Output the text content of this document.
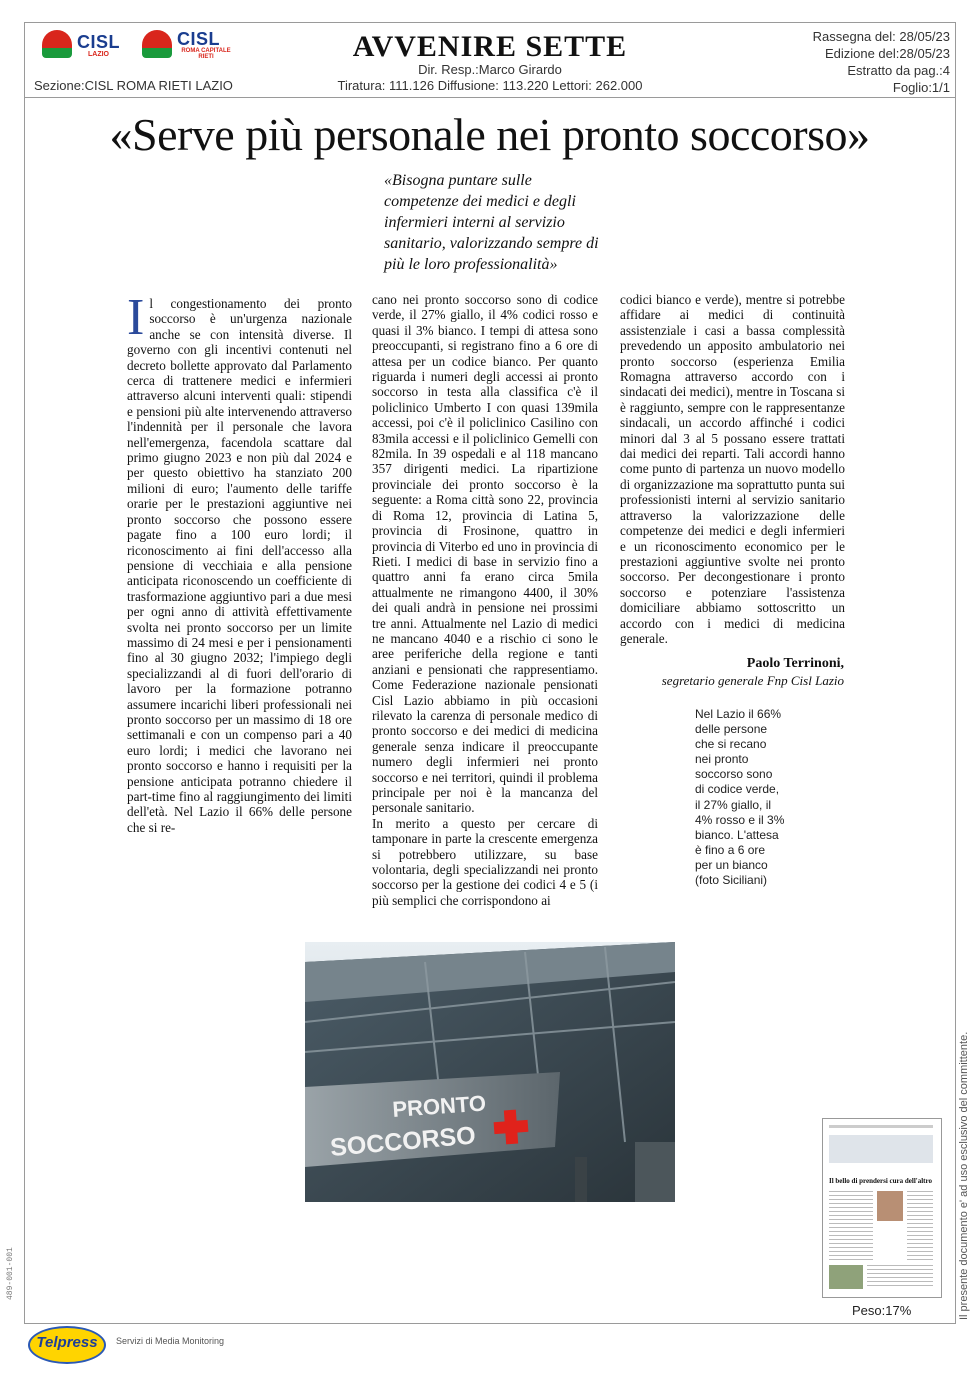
CISL
LAZIO
CISL
ROMA CAPITALE RIETI	AVVENIRE SETTE
Dir. Resp.:Marco Girardo
Sezione:CISL ROMA RIETI LAZIO	Tiratura: 111.126 Diffusione: 113.220 Lettori: 262.000
Rassegna del: 28/05/23
Edizione del:28/05/23
Estratto da pag.:4
Foglio:1/1
«Serve più personale nei pronto soccorso»
«Bisogna puntare sulle competenze dei medici e degli infermieri interni al servizio sanitario, valorizzando sempre di più le loro professionalità»
I l congestionamento dei pronto soccorso è un'urgenza nazionale anche se con intensità diverse. Il governo con gli incentivi contenuti nel decreto bollette approvato dal Parlamento cerca di trattenere medici e infermieri attraverso alcuni interventi quali: stipendi e pensioni più alte intervenendo attraverso l'indennità per il personale che lavora nell'emergenza, facendola scattare dal primo giugno 2023 e non più dal 2024 e per questo obiettivo ha stanziato 200 milioni di euro; l'aumento delle tariffe orarie per le prestazioni aggiuntive nei pronto soccorso che possono essere pagate fino a 100 euro lordi; il riconoscimento ai fini dell'accesso alla pensione di vecchiaia e alla pensione anticipata riconoscendo un coefficiente di trasformazione aggiuntivo pari a due mesi per ogni anno di attività effettivamente svolta nei pronto soccorso per un limite massimo di 24 mesi e per i pensionamenti fino al 30 giugno 2032; l'impiego degli specializzandi al di fuori dell'orario di lavoro per la formazione potranno assumere incarichi liberi professionali nei pronto soccorso per un massimo di 18 ore settimanali e con un compenso pari a 40 euro lordi; i medici che lavorano nei pronto soccorso e hanno i requisiti per la pensione anticipata potranno chiedere il part-time fino al raggiungimento dei limiti dell'età. Nel Lazio il 66% delle persone che si re-

cano nei pronto soccorso sono di codice verde, il 27% giallo, il 4% codici rosso e quasi il 3% bianco. I tempi di attesa sono preoccupanti, si registrano fino a 6 ore di attesa per un codice bianco. Per quanto riguarda i numeri degli accessi ai pronto soccorso in testa alla classifica c'è il policlinico Umberto I con quasi 139mila accessi, poi c'è il policlinico Casilino con 83mila accessi e il policlinico Gemelli con 82mila. In 39 ospedali e al 118 mancano 357 dirigenti medici. La ripartizione provinciale dei pronto soccorso è la seguente: a Roma città sono 22, provincia di Roma 12, provincia di Latina 5, provincia di Frosinone, quattro in provincia di Viterbo ed uno in provincia di Rieti. I medici di base in servizio fino a quattro anni fa erano circa 5mila attualmente ne rimangono 4400, il 30% dei quali andrà in pensione nei prossimi tre anni. Attualmente nel Lazio di medici ne mancano 4040 e a rischio ci sono le aree periferiche della regione e tanti anziani e pensionati che rappresentiamo. Come Federazione nazionale pensionati Cisl Lazio abbiamo in più occasioni rilevato la carenza di personale medico di pronto soccorso e dei medici di medicina generale senza indicare il preoccupante numero degli infermieri nei pronto soccorso e nei territori, quindi il problema principale per noi è la mancanza del personale sanitario.

In merito a questo per cercare di tamponare in parte la crescente emergenza si potrebbero utilizzare, su base volontaria, degli specializzandi nei pronto soccorso per la gestione dei codici 4 e 5 (i più semplici che corrispondono ai

codici bianco e verde), mentre si potrebbe affidare ai medici di continuità assistenziale i casi a bassa complessità prevedendo un apposito ambulatorio nei pronto soccorso (esperienza Emilia Romagna attraverso accordo con i sindacati dei medici), mentre in Toscana si è raggiunto, sempre con le rappresentanze sindacali, un accordo affinché i codici minori dal 3 al 5 possano essere trattati dai medici dei reparti. Tali accordi hanno come punto di partenza un nuovo modello di organizzazione ma soprattutto punta sui professionisti interni al servizio sanitario attraverso la valorizzazione delle competenze dei medici e degli infermieri e un riconoscimento economico per le prestazioni aggiuntive svolte nei pronto soccorso. Per decongestionare i pronto soccorso e potenziare l'assistenza domiciliare abbiamo sottoscritto un accordo con i medici di medicina generale.

Paolo Terrinoni,
segretario generale Fnp Cisl Lazio
Nel Lazio il 66% delle persone che si recano nei pronto soccorso sono di codice verde, il 27% giallo, il 4% rosso e il 3% bianco. L'attesa è fino a 6 ore per un bianco (foto Siciliani)
PRONTO
SOCCORSO
Il bello di prendersi cura dell'altro
Peso:17%	Il presente documento e' ad uso esclusivo del committente.
489-001-001
Telpress	Servizi di Media Monitoring
